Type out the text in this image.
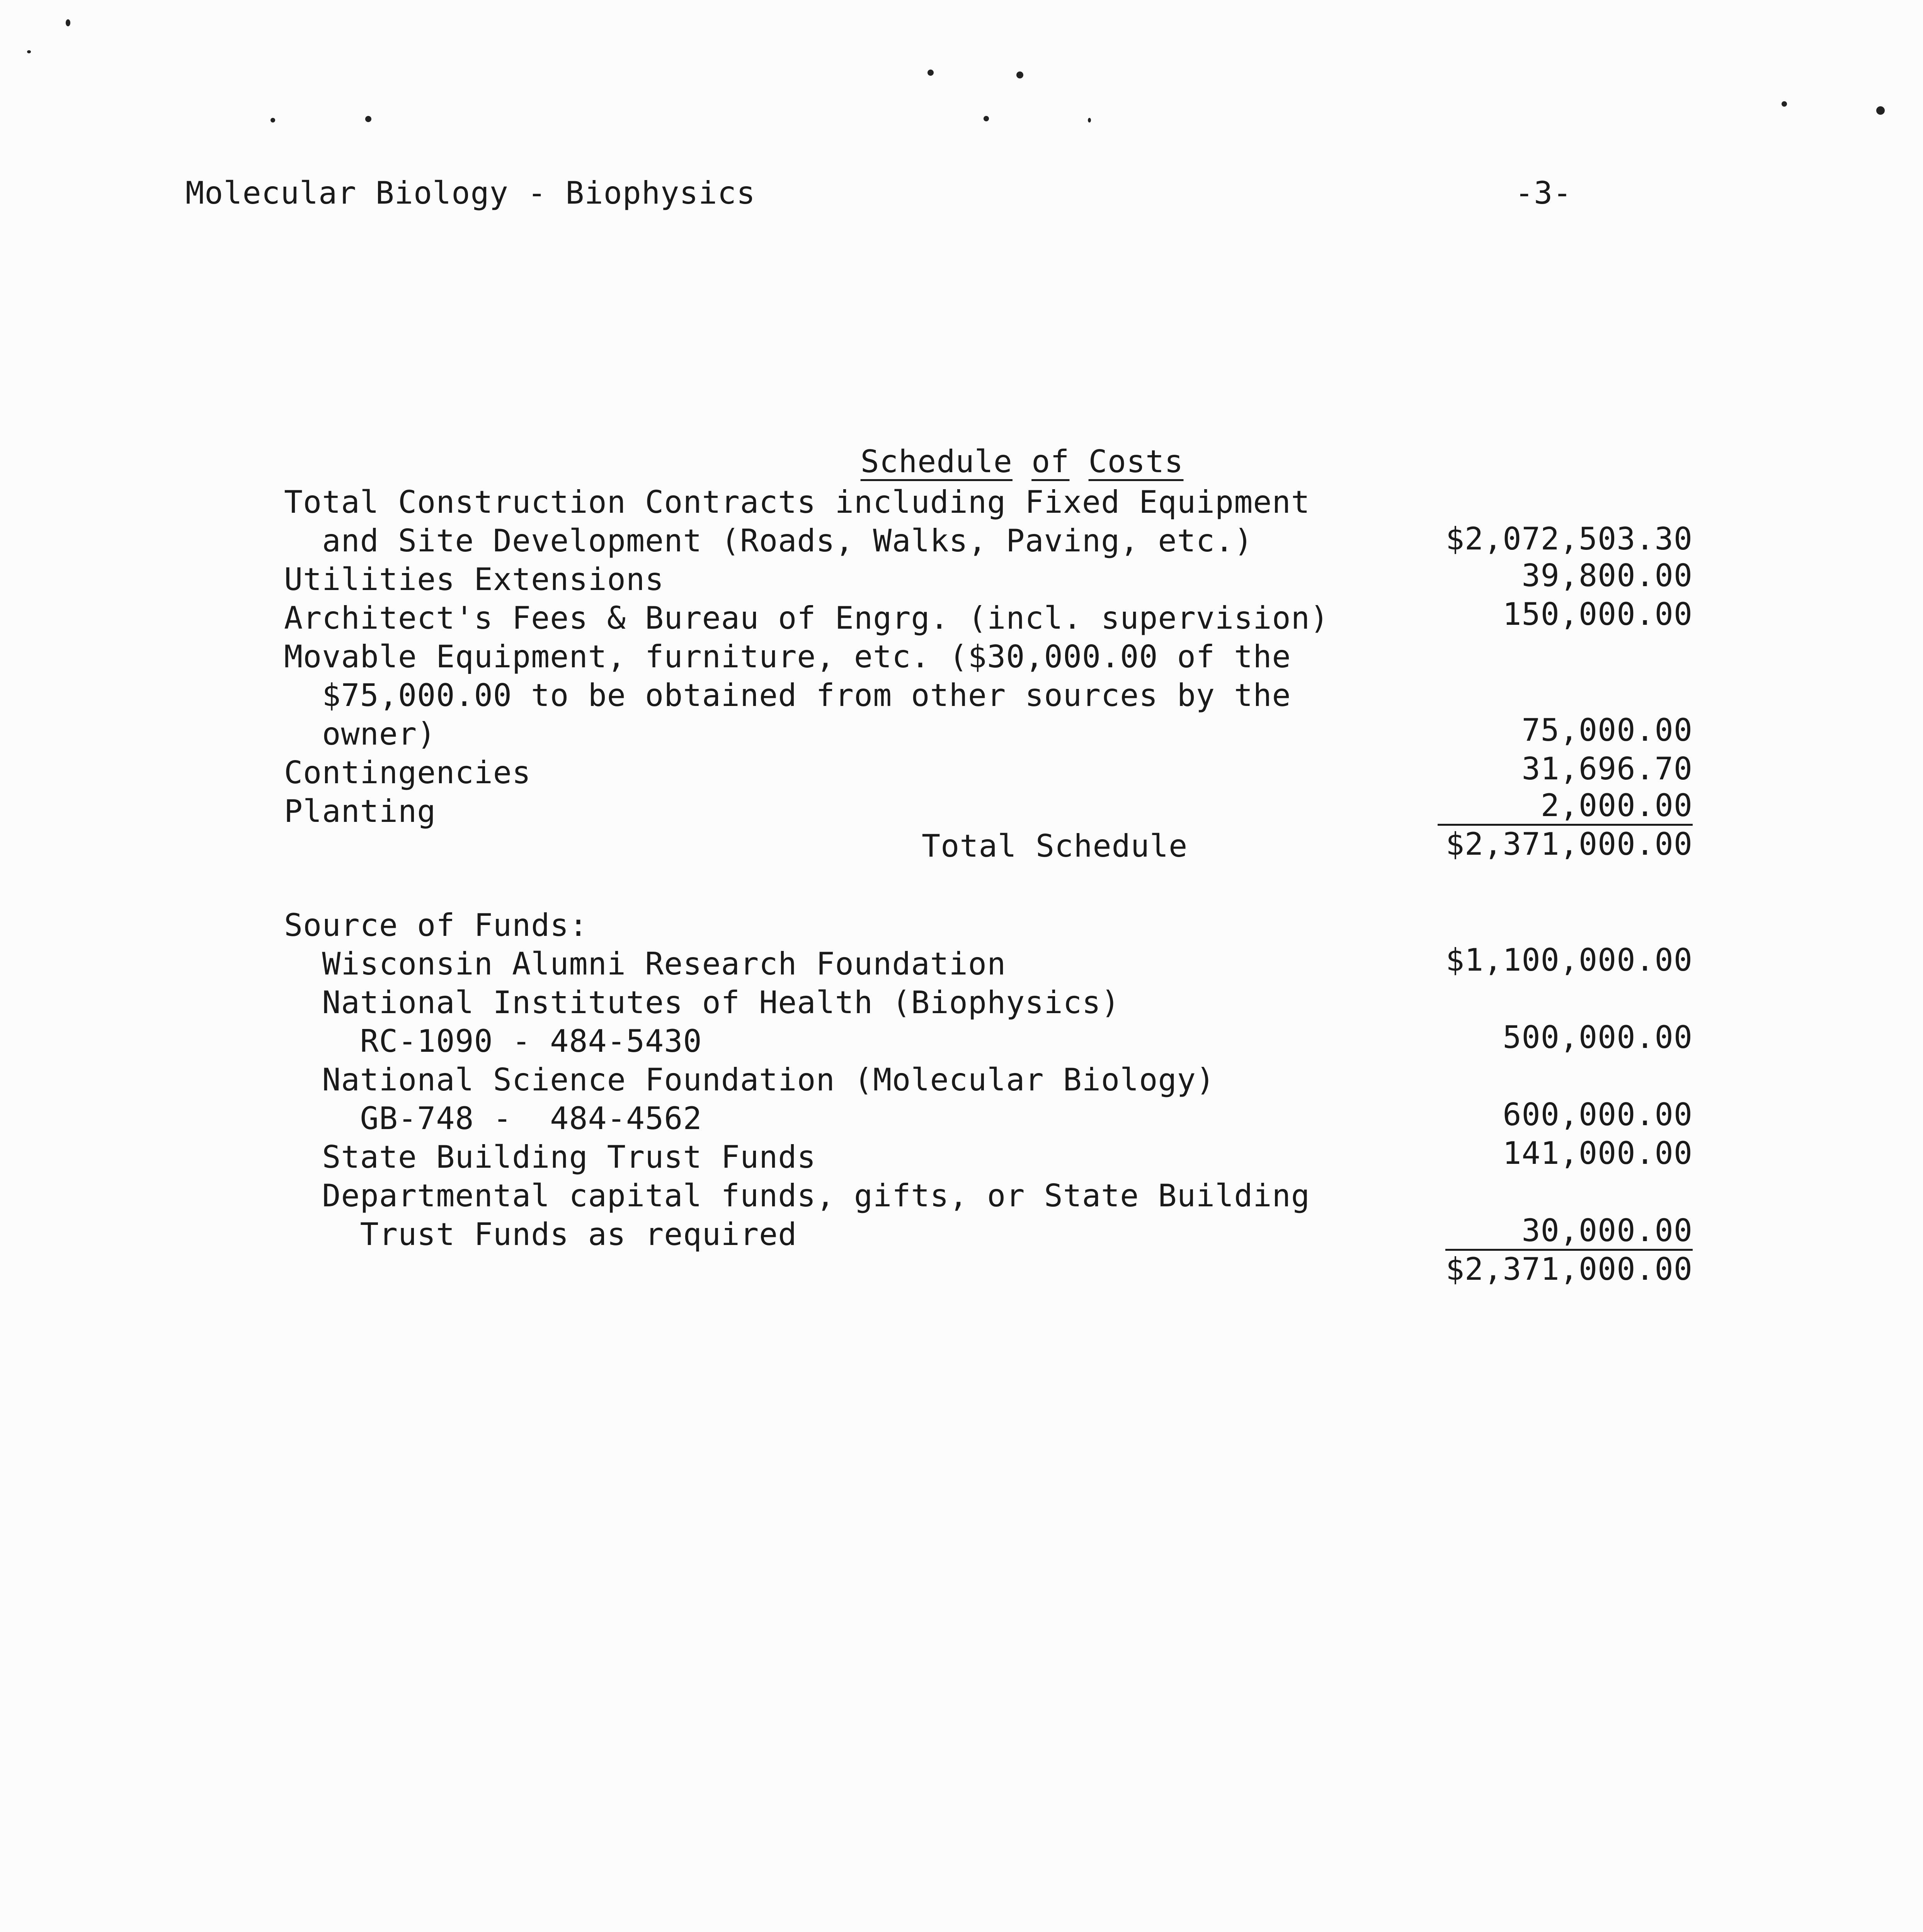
Molecular Biology - Biophysics	-3-

Schedule of Costs

Total Construction Contracts including Fixed Equipment
and Site Development (Roads, Walks, Paving, etc.)	$2,072,503.30
Utilities Extensions	39,800.00
Architect's Fees & Bureau of Engrg. (incl. supervision)	150,000.00
Movable Equipment, furniture, etc. ($30,000.00 of the
$75,000.00 to be obtained from other sources by the
owner)	75,000.00
Contingencies	31,696.70
Planting	2,000.00
Total Schedule	$2,371,000.00
Source of Funds:
Wisconsin Alumni Research Foundation	$1,100,000.00
National Institutes of Health (Biophysics)
RC-1090 - 484-5430	500,000.00
National Science Foundation (Molecular Biology)
GB-748 -  484-4562	600,000.00
State Building Trust Funds	141,000.00
Departmental capital funds, gifts, or State Building
Trust Funds as required	30,000.00
$2,371,000.00
